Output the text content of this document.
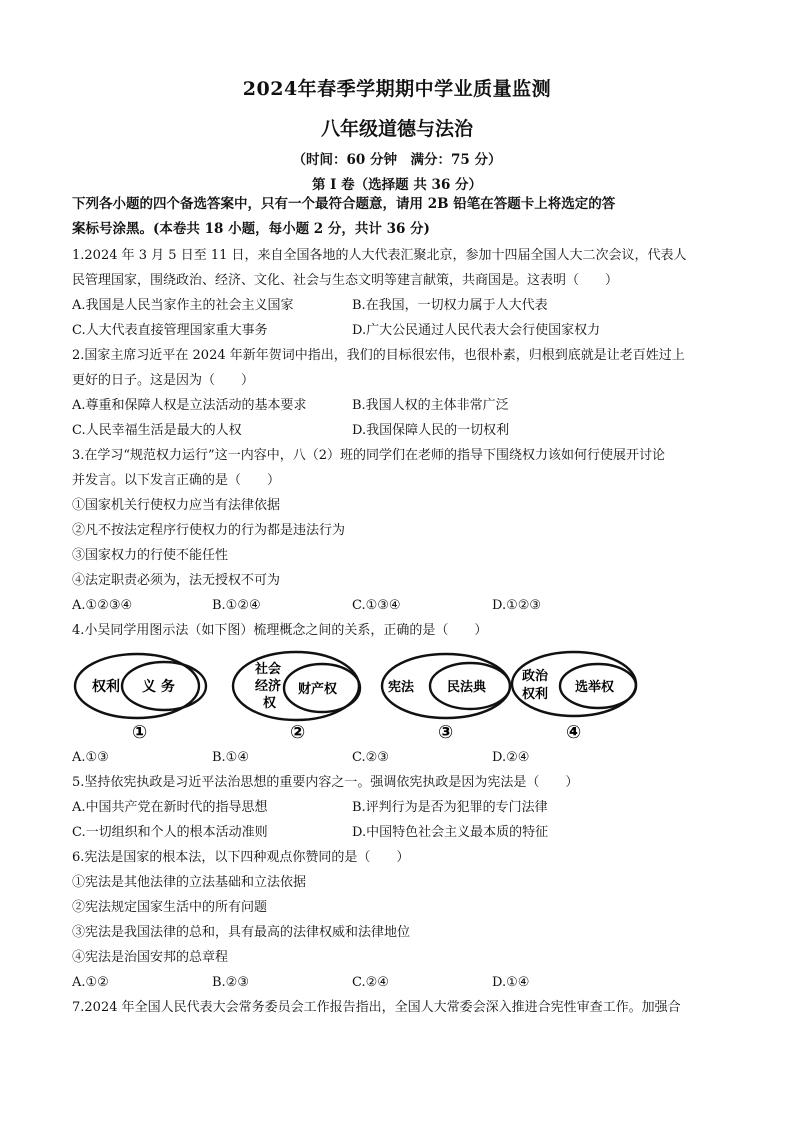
2024年春季学期期中学业质量监测
八年级道德与法治
（时间：60 分钟　满分：75 分）
第 I 卷（选择题 共 36 分）
下列各小题的四个备选答案中，只有一个最符合题意，请用 2B 铅笔在答题卡上将选定的答
案标号涂黑。(本卷共 18 小题，每小题 2 分，共计 36 分)
1.2024 年 3 月 5 日至 11 日，来自全国各地的人大代表汇聚北京，参加十四届全国人大二次会议，代表人
民管理国家，围绕政治、经济、文化、社会与生态文明等建言献策，共商国是。这表明（　　）
A.我国是人民当家作主的社会主义国家	B.在我国，一切权力属于人大代表
C.人大代表直接管理国家重大事务	D.广大公民通过人民代表大会行使国家权力
2.国家主席习近平在 2024 年新年贺词中指出，我们的目标很宏伟，也很朴素，归根到底就是让老百姓过上
更好的日子。这是因为（　　）
A.尊重和保障人权是立法活动的基本要求	B.我国人权的主体非常广泛
C.人民幸福生活是最大的人权	D.我国保障人民的一切权利
3.在学习“规范权力运行”这一内容中，八（2）班的同学们在老师的指导下围绕权力该如何行使展开讨论
并发言。以下发言正确的是（　　）
①国家机关行使权力应当有法律依据
②凡不按法定程序行使权力的行为都是违法行为
③国家权力的行使不能任性
④法定职责必须为，法无授权不可为
A.①②③④	B.①②④	C.①③④	D.①②③
4.小吴同学用图示法（如下图）梳理概念之间的关系，正确的是（　　）
权利 义 务
①
社会
经济
权
财产权
②
宪法	民法典
③
政治
权利 选举权
④
A.①③	B.①④	C.②③	D.②④
5.坚持依宪执政是习近平法治思想的重要内容之一。强调依宪执政是因为宪法是（　　）
A.中国共产党在新时代的指导思想	B.评判行为是否为犯罪的专门法律
C.一切组织和个人的根本活动准则	D.中国特色社会主义最本质的特征
6.宪法是国家的根本法，以下四种观点你赞同的是（　　）
①宪法是其他法律的立法基础和立法依据
②宪法规定国家生活中的所有问题
③宪法是我国法律的总和，具有最高的法律权威和法律地位
④宪法是治国安邦的总章程
A.①②	B.②③	C.②④	D.①④
7.2024 年全国人民代表大会常务委员会工作报告指出，全国人大常委会深入推进合宪性审查工作。加强合
